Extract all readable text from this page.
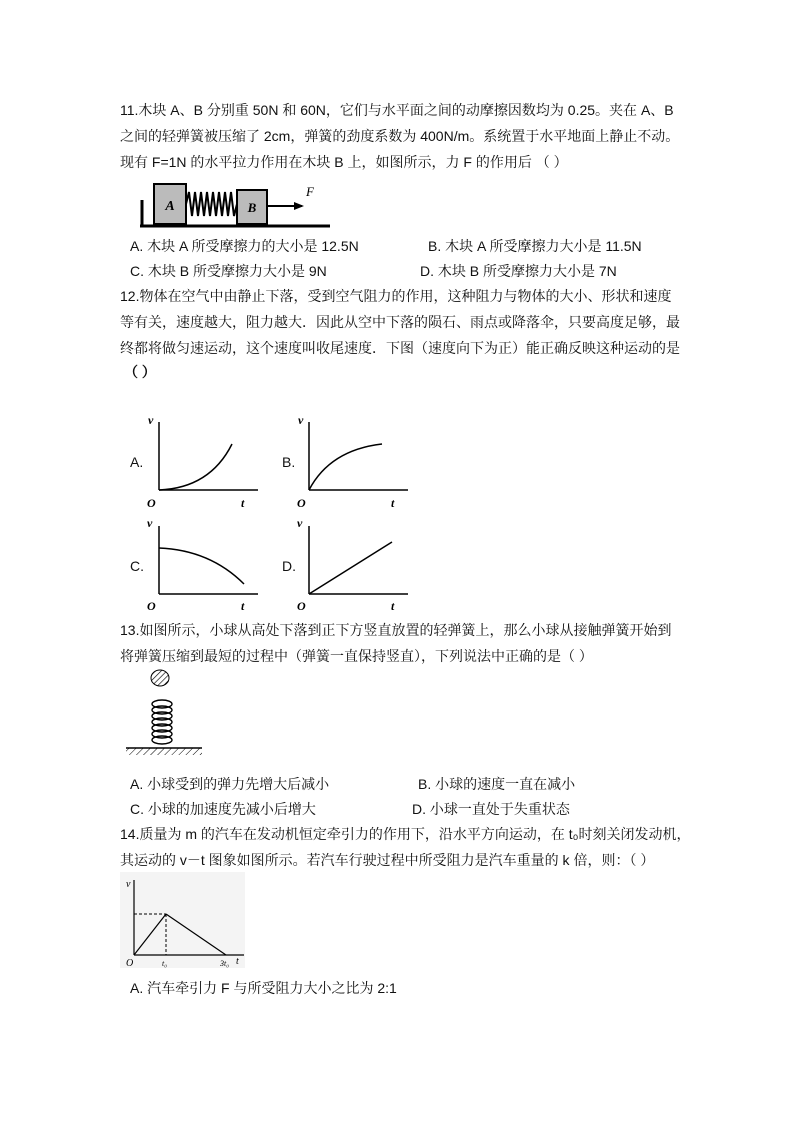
11.木块 A、B 分别重 50N 和 60N，它们与水平面之间的动摩擦因数均为 0.25。夹在 A、B
之间的轻弹簧被压缩了 2cm，弹簧的劲度系数为 400N/m。系统置于水平地面上静止不动。
现有 F=1N 的水平拉力作用在木块 B 上，如图所示，力 F 的作用后 （ ）
A	B
F
A. 木块 A 所受摩擦力的大小是 12.5N	B. 木块 A 所受摩擦力大小是 11.5N
C. 木块 B 所受摩擦力大小是 9N	D. 木块 B 所受摩擦力大小是 7N
12.物体在空气中由静止下落，受到空气阻力的作用，这种阻力与物体的大小、形状和速度
等有关，速度越大，阻力越大．因此从空中下落的陨石、雨点或降落伞，只要高度足够，最
终都将做匀速运动，这个速度叫收尾速度．下图（速度向下为正）能正确反映这种运动的是
（ ）
A.
v
O	t
B.
v
O	t
C.
v
O	t
D.
v
O	t
13.如图所示，小球从高处下落到正下方竖直放置的轻弹簧上，那么小球从接触弹簧开始到
将弹簧压缩到最短的过程中（弹簧一直保持竖直），下列说法中正确的是（ ）
A. 小球受到的弹力先增大后减小	B. 小球的速度一直在减小
C. 小球的加速度先减小后增大	D. 小球一直处于失重状态
14.质量为 m 的汽车在发动机恒定牵引力的作用下，沿水平方向运动，在 t₀时刻关闭发动机，
其运动的 v－t 图象如图所示。若汽车行驶过程中所受阻力是汽车重量的 k 倍，则：（ ）
v
O	t₀	3t₀ t
A. 汽车牵引力 F 与所受阻力大小之比为 2:1
